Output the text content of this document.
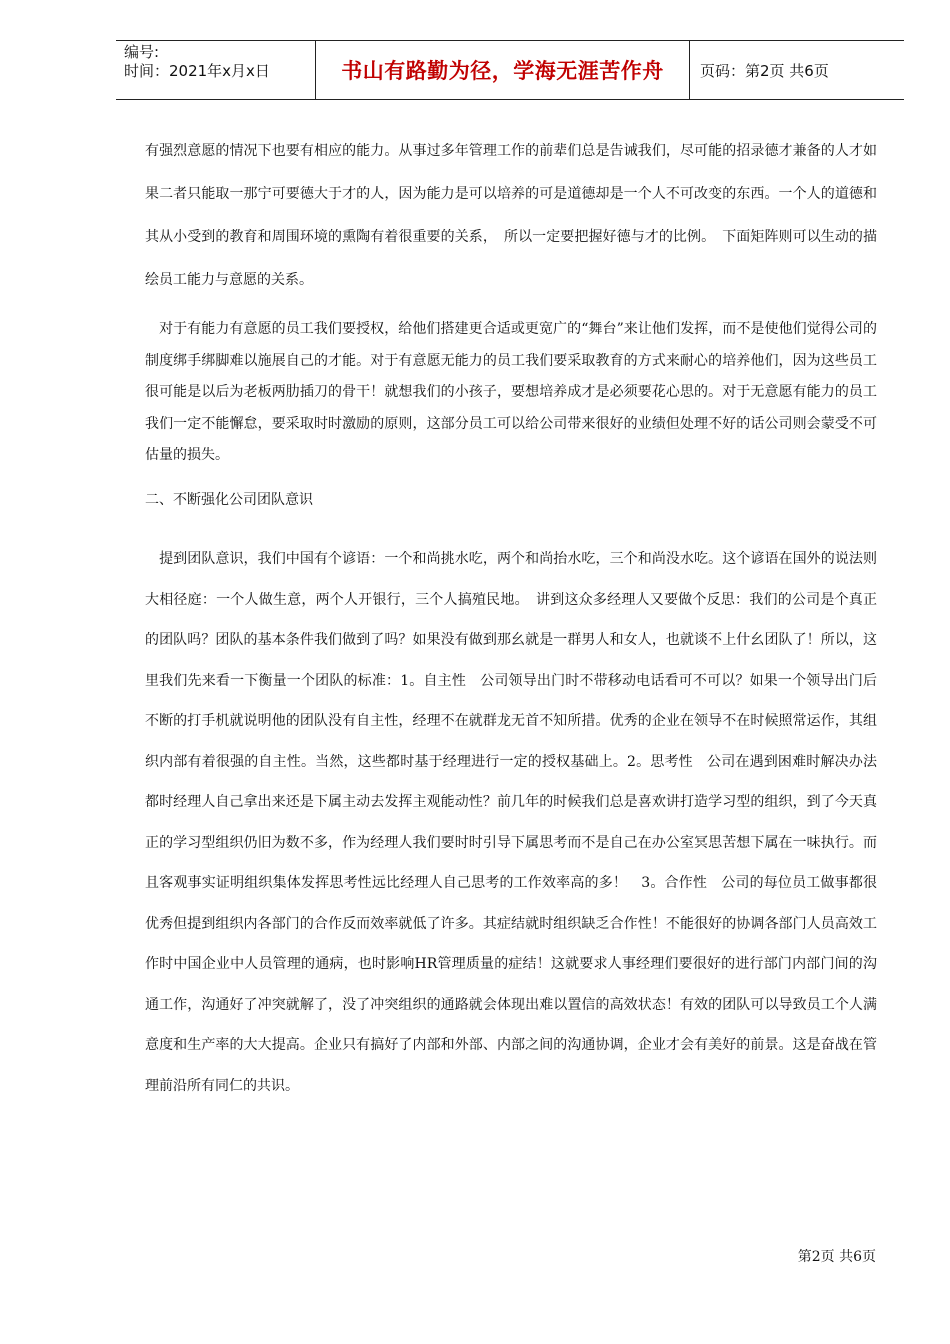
编号:
时间：2021年x月x日	书山有路勤为径，学海无涯苦作舟 页码：第2页 共6页

有强烈意愿的情况下也要有相应的能力。从事过多年管理工作的前辈们总是告诫我们，尽可能的招录德才兼备的人才如果二者只能取一那宁可要德大于才的人，因为能力是可以培养的可是道德却是一个人不可改变的东西。一个人的道德和其从小受到的教育和周围环境的熏陶有着很重要的关系，　所以一定要把握好德与才的比例。　下面矩阵则可以生动的描绘员工能力与意愿的关系。

　对于有能力有意愿的员工我们要授权，给他们搭建更合适或更宽广的“舞台”来让他们发挥，而不是使他们觉得公司的制度绑手绑脚难以施展自己的才能。对于有意愿无能力的员工我们要采取教育的方式来耐心的培养他们，因为这些员工很可能是以后为老板两肋插刀的骨干！就想我们的小孩子，要想培养成才是必须要花心思的。对于无意愿有能力的员工我们一定不能懈怠，要采取时时激励的原则，这部分员工可以给公司带来很好的业绩但处理不好的话公司则会蒙受不可估量的损失。

二、不断强化公司团队意识

　提到团队意识，我们中国有个谚语：一个和尚挑水吃，两个和尚抬水吃，三个和尚没水吃。这个谚语在国外的说法则大相径庭：一个人做生意，两个人开银行，三个人搞殖民地。　讲到这众多经理人又要做个反思：我们的公司是个真正的团队吗？团队的基本条件我们做到了吗？如果没有做到那幺就是一群男人和女人，也就谈不上什幺团队了！所以，这里我们先来看一下衡量一个团队的标准：1。自主性　公司领导出门时不带移动电话看可不可以？如果一个领导出门后不断的打手机就说明他的团队没有自主性，经理不在就群龙无首不知所措。优秀的企业在领导不在时候照常运作，其组织内部有着很强的自主性。当然，这些都时基于经理进行一定的授权基础上。2。思考性　公司在遇到困难时解决办法都时经理人自己拿出来还是下属主动去发挥主观能动性？前几年的时候我们总是喜欢讲打造学习型的组织，到了今天真正的学习型组织仍旧为数不多，作为经理人我们要时时引导下属思考而不是自己在办公室冥思苦想下属在一味执行。而且客观事实证明组织集体发挥思考性远比经理人自己思考的工作效率高的多！　3。合作性　公司的每位员工做事都很优秀但提到组织内各部门的合作反而效率就低了许多。其症结就时组织缺乏合作性！不能很好的协调各部门人员高效工作时中国企业中人员管理的通病，也时影响HR管理质量的症结！这就要求人事经理们要很好的进行部门内部门间的沟通工作，沟通好了冲突就解了，没了冲突组织的通路就会体现出难以置信的高效状态！有效的团队可以导致员工个人满意度和生产率的大大提高。企业只有搞好了内部和外部、内部之间的沟通协调，企业才会有美好的前景。这是奋战在管理前沿所有同仁的共识。

第2页 共6页
